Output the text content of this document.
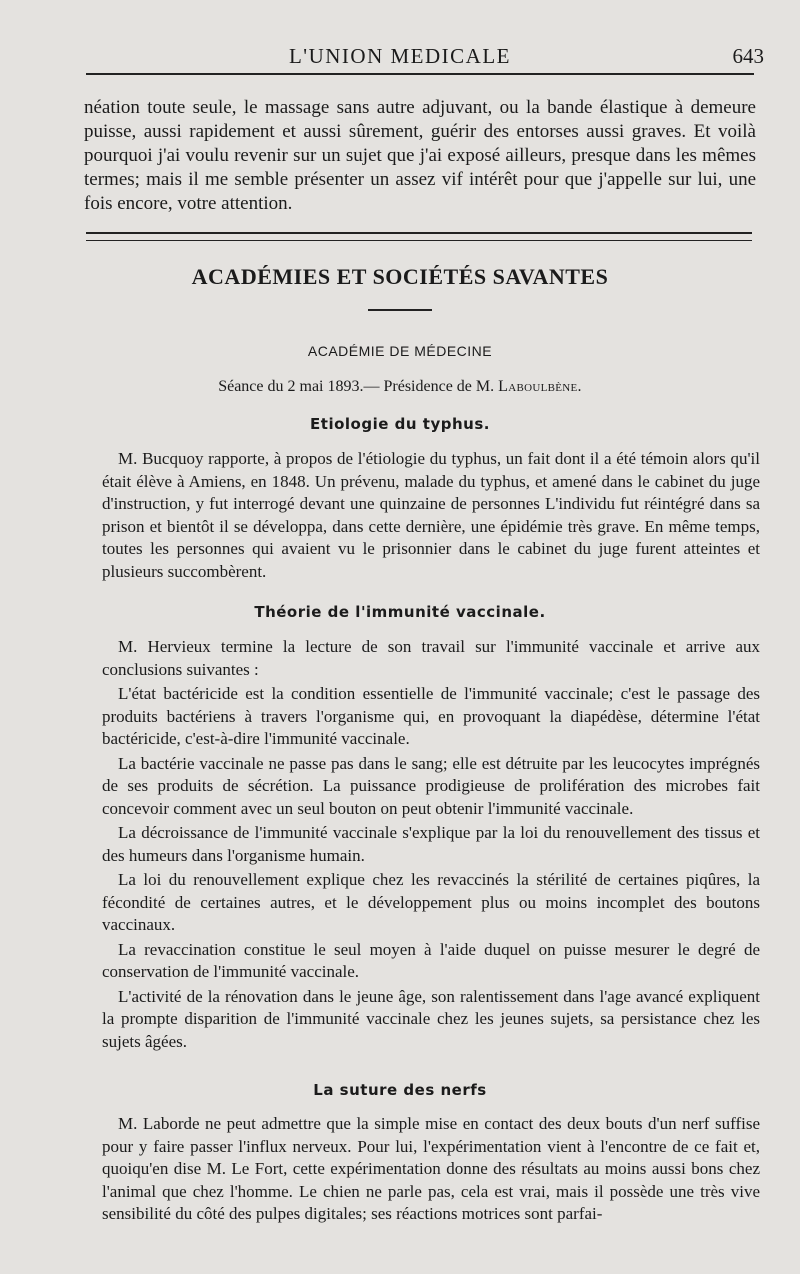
L'UNION MEDICALE	643

néation toute seule, le massage sans autre adjuvant, ou la bande élastique à demeure puisse, aussi rapidement et aussi sûrement, guérir des entorses aussi graves. Et voilà pourquoi j'ai voulu revenir sur un sujet que j'ai exposé ailleurs, presque dans les mêmes termes; mais il me semble présenter un assez vif intérêt pour que j'appelle sur lui, une fois encore, votre attention.

ACADÉMIES ET SOCIÉTÉS SAVANTES
ACADÉMIE DE MÉDECINE
Séance du 2 mai 1893.— Présidence de M. Laboulbène.
Etiologie du typhus.

M. Bucquoy rapporte, à propos de l'étiologie du typhus, un fait dont il a été témoin alors qu'il était élève à Amiens, en 1848. Un prévenu, malade du typhus, et amené dans le cabinet du juge d'instruction, y fut interrogé devant une quinzaine de personnes L'individu fut réintégré dans sa prison et bientôt il se développa, dans cette dernière, une épidémie très grave. En même temps, toutes les personnes qui avaient vu le prisonnier dans le cabinet du juge furent atteintes et plusieurs succombèrent.

Théorie de l'immunité vaccinale.

M. Hervieux termine la lecture de son travail sur l'immunité vaccinale et arrive aux conclusions suivantes :

L'état bactéricide est la condition essentielle de l'immunité vaccinale; c'est le passage des produits bactériens à travers l'organisme qui, en provoquant la diapédèse, détermine l'état bactéricide, c'est-à-dire l'immunité vaccinale.

La bactérie vaccinale ne passe pas dans le sang; elle est détruite par les leucocytes imprégnés de ses produits de sécrétion. La puissance prodigieuse de prolifération des microbes fait concevoir comment avec un seul bouton on peut obtenir l'immunité vaccinale.

La décroissance de l'immunité vaccinale s'explique par la loi du renouvellement des tissus et des humeurs dans l'organisme humain.

La loi du renouvellement explique chez les revaccinés la stérilité de certaines piqûres, la fécondité de certaines autres, et le développement plus ou moins incomplet des boutons vaccinaux.

La revaccination constitue le seul moyen à l'aide duquel on puisse mesurer le degré de conservation de l'immunité vaccinale.

L'activité de la rénovation dans le jeune âge, son ralentissement dans l'age avancé expliquent la prompte disparition de l'immunité vaccinale chez les jeunes sujets, sa persistance chez les sujets âgées.

La suture des nerfs

M. Laborde ne peut admettre que la simple mise en contact des deux bouts d'un nerf suffise pour y faire passer l'influx nerveux. Pour lui, l'expérimentation vient à l'encontre de ce fait et, quoiqu'en dise M. Le Fort, cette expérimentation donne des résultats au moins aussi bons chez l'animal que chez l'homme. Le chien ne parle pas, cela est vrai, mais il possède une très vive sensibilité du côté des pulpes digitales; ses réactions motrices sont parfai-
